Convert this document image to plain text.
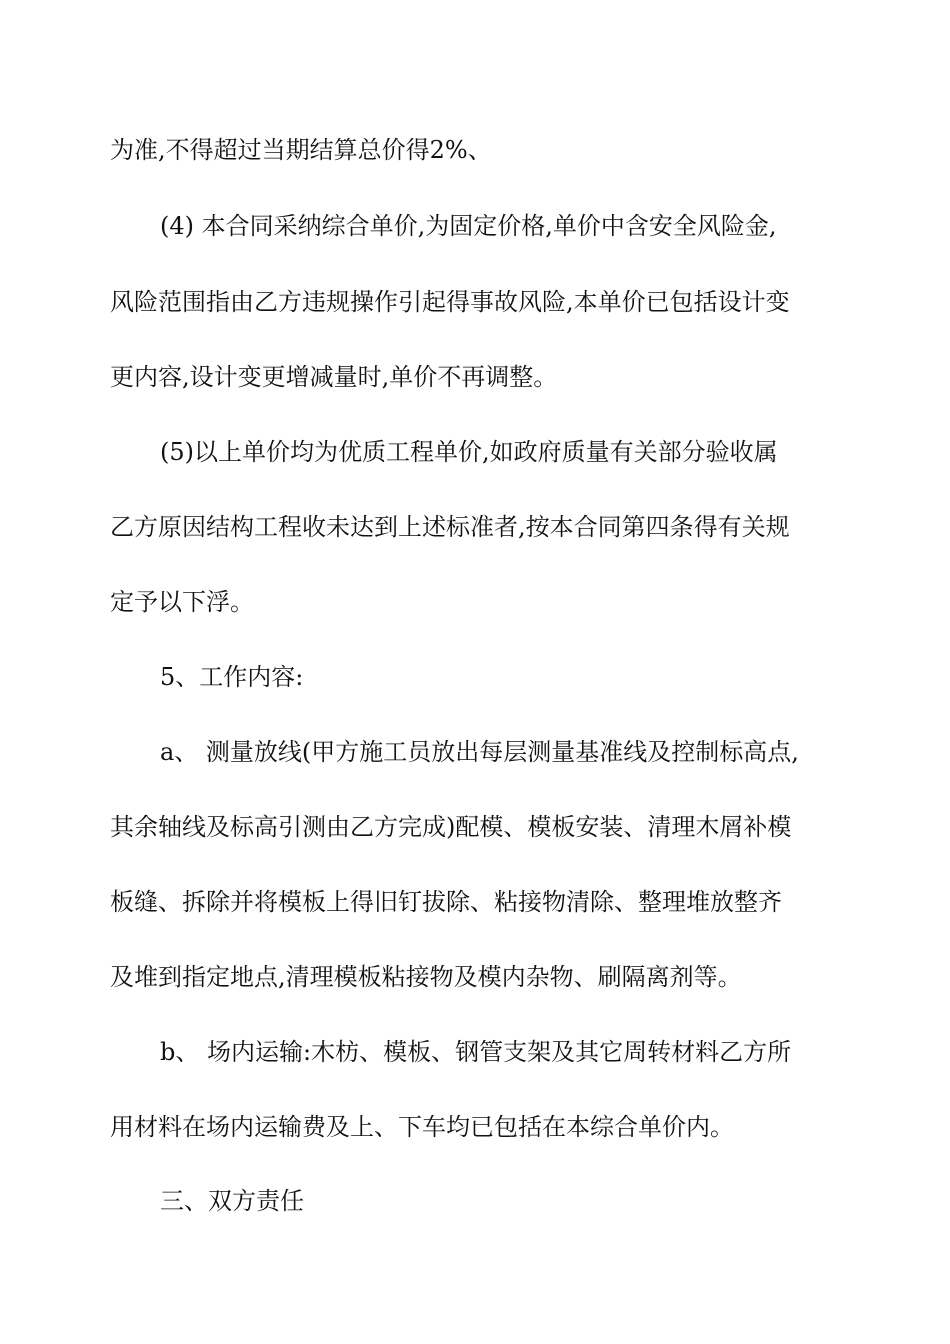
为准,不得超过当期结算总价得2%、
(4) 本合同采纳综合单价,为固定价格,单价中含安全风险金,
风险范围指由乙方违规操作引起得事故风险,本单价已包括设计变
更内容,设计变更增减量时,单价不再调整。
(5)以上单价均为优质工程单价,如政府质量有关部分验收属
乙方原因结构工程收未达到上述标准者,按本合同第四条得有关规
定予以下浮。
5、工作内容:
a、 测量放线(甲方施工员放出每层测量基准线及控制标高点,
其余轴线及标高引测由乙方完成)配模、模板安装、清理木屑补模
板缝、拆除并将模板上得旧钉拔除、粘接物清除、整理堆放整齐
及堆到指定地点,清理模板粘接物及模内杂物、刷隔离剂等。
b、 场内运输:木枋、模板、钢管支架及其它周转材料乙方所
用材料在场内运输费及上、下车均已包括在本综合单价内。
三、双方责任
